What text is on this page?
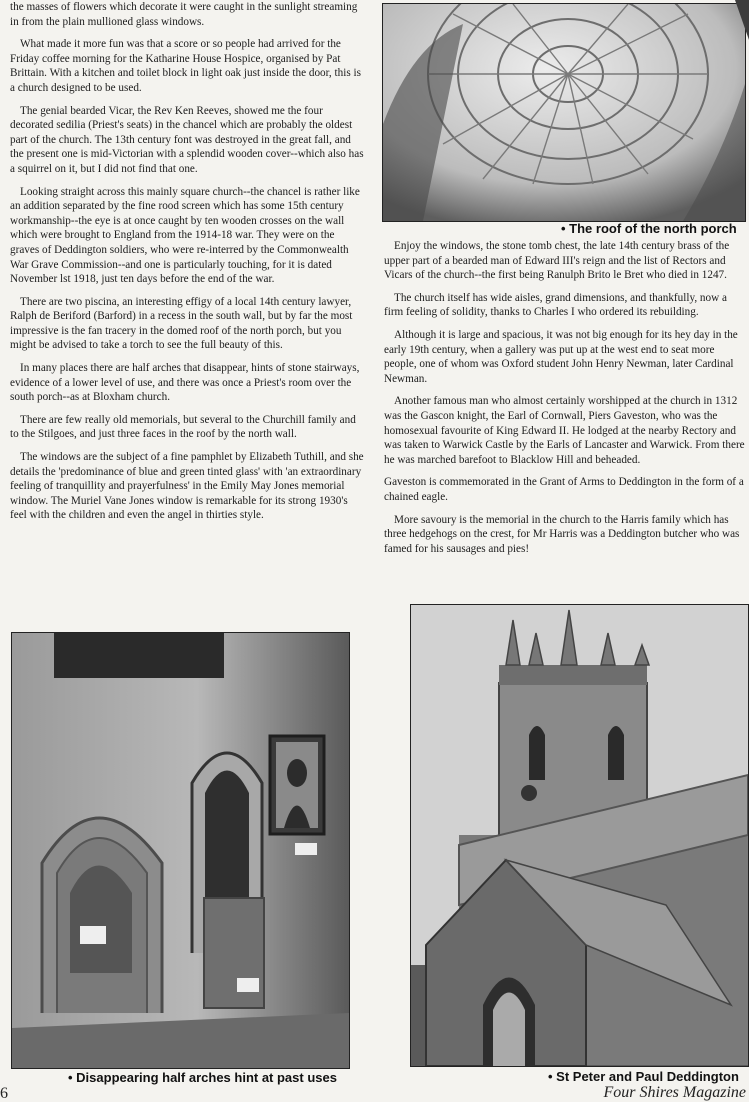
the masses of flowers which decorate it were caught in the sunlight streaming in from the plain mullioned glass windows.

What made it more fun was that a score or so people had arrived for the Friday coffee morning for the Katharine House Hospice, organised by Pat Brittain. With a kitchen and toilet block in light oak just inside the door, this is a church designed to be used.

The genial bearded Vicar, the Rev Ken Reeves, showed me the four decorated sedilia (Priest's seats) in the chancel which are probably the oldest part of the church. The 13th century font was destroyed in the great fall, and the present one is mid-Victorian with a splendid wooden cover--which also has a squirrel on it, but I did not find that one.

Looking straight across this mainly square church--the chancel is rather like an addition separated by the fine rood screen which has some 15th century workmanship--the eye is at once caught by ten wooden crosses on the wall which were brought to England from the 1914-18 war. They were on the graves of Deddington soldiers, who were re-interred by the Commonwealth War Grave Commission--and one is particularly touching, for it is dated November lst 1918, just ten days before the end of the war.

There are two piscina, an interesting effigy of a local 14th century lawyer, Ralph de Beriford (Barford) in a recess in the south wall, but by far the most impressive is the fan tracery in the domed roof of the north porch, but you might be advised to take a torch to see the full beauty of this.

In many places there are half arches that disappear, hints of stone stairways, evidence of a lower level of use, and there was once a Priest's room over the south porch--as at Bloxham church.

There are few really old memorials, but several to the Churchill family and to the Stilgoes, and just three faces in the roof by the north wall.

The windows are the subject of a fine pamphlet by Elizabeth Tuthill, and she details the 'predominance of blue and green tinted glass' with 'an extraordinary feeling of tranquillity and prayerfulness' in the Emily May Jones memorial window. The Muriel Vane Jones window is remarkable for its strong 1930's feel with the children and even the angel in thirties style.

• The roof of the north porch

Enjoy the windows, the stone tomb chest, the late 14th century brass of the upper part of a bearded man of Edward III's reign and the list of Rectors and Vicars of the church--the first being Ranulph Brito le Bret who died in 1247.

The church itself has wide aisles, grand dimensions, and thankfully, now a firm feeling of solidity, thanks to Charles I who ordered its rebuilding.

Although it is large and spacious, it was not big enough for its hey day in the early 19th century, when a gallery was put up at the west end to seat more people, one of whom was Oxford student John Henry Newman, later Cardinal Newman.

Another famous man who almost certainly worshipped at the church in 1312 was the Gascon knight, the Earl of Cornwall, Piers Gaveston, who was the homosexual favourite of King Edward II. He lodged at the nearby Rectory and was taken to Warwick Castle by the Earls of Lancaster and Warwick. From there he was marched barefoot to Blacklow Hill and beheaded.

Gaveston is commemorated in the Grant of Arms to Deddington in the form of a chained eagle.

More savoury is the memorial in the church to the Harris family which has three hedgehogs on the crest, for Mr Harris was a Deddington butcher who was famed for his sausages and pies!

• Disappearing half arches hint at past uses	• St Peter and Paul Deddington
6	Four Shires Magazine
